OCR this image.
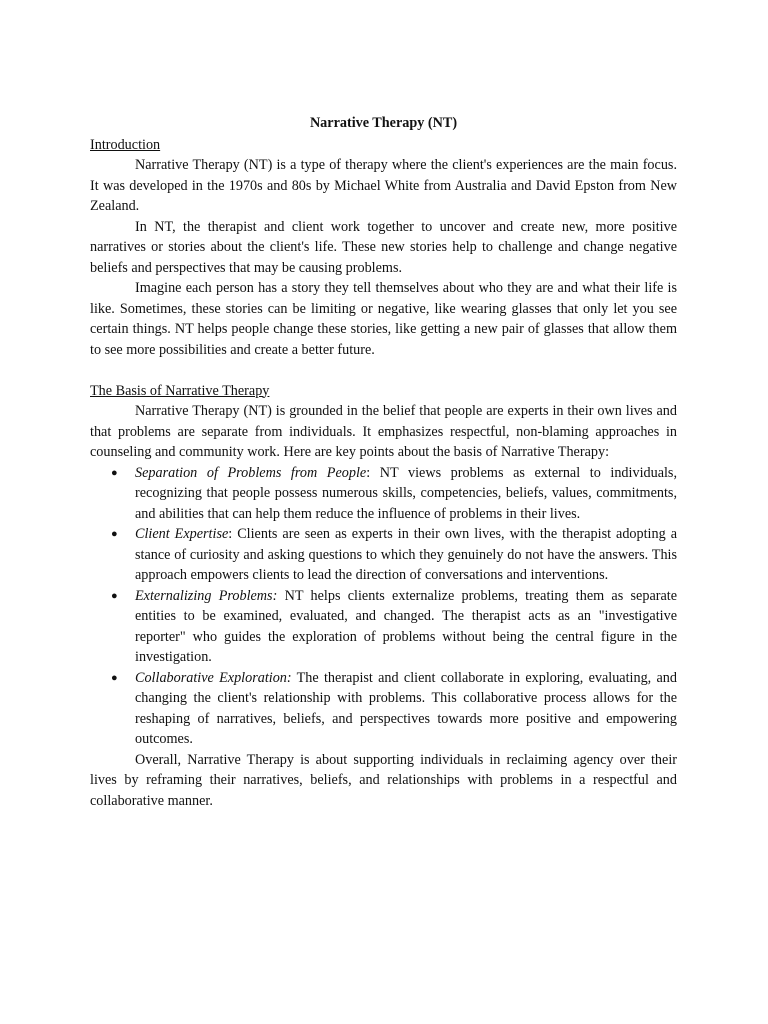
Narrative Therapy (NT)
Introduction

Narrative Therapy (NT) is a type of therapy where the client's experiences are the main focus. It was developed in the 1970s and 80s by Michael White from Australia and David Epston from New Zealand.

In NT, the therapist and client work together to uncover and create new, more positive narratives or stories about the client's life. These new stories help to challenge and change negative beliefs and perspectives that may be causing problems.

Imagine each person has a story they tell themselves about who they are and what their life is like. Sometimes, these stories can be limiting or negative, like wearing glasses that only let you see certain things. NT helps people change these stories, like getting a new pair of glasses that allow them to see more possibilities and create a better future.

The Basis of Narrative Therapy

Narrative Therapy (NT) is grounded in the belief that people are experts in their own lives and that problems are separate from individuals. It emphasizes respectful, non-blaming approaches in counseling and community work. Here are key points about the basis of Narrative Therapy:

● Separation of Problems from People: NT views problems as external to individuals, recognizing that people possess numerous skills, competencies, beliefs, values, commitments, and abilities that can help them reduce the influence of problems in their lives.
● Client Expertise: Clients are seen as experts in their own lives, with the therapist adopting a stance of curiosity and asking questions to which they genuinely do not have the answers. This approach empowers clients to lead the direction of conversations and interventions.
● Externalizing Problems: NT helps clients externalize problems, treating them as separate entities to be examined, evaluated, and changed. The therapist acts as an "investigative reporter" who guides the exploration of problems without being the central figure in the investigation.
● Collaborative Exploration: The therapist and client collaborate in exploring, evaluating, and changing the client's relationship with problems. This collaborative process allows for the reshaping of narratives, beliefs, and perspectives towards more positive and empowering outcomes.

Overall, Narrative Therapy is about supporting individuals in reclaiming agency over their lives by reframing their narratives, beliefs, and relationships with problems in a respectful and collaborative manner.
